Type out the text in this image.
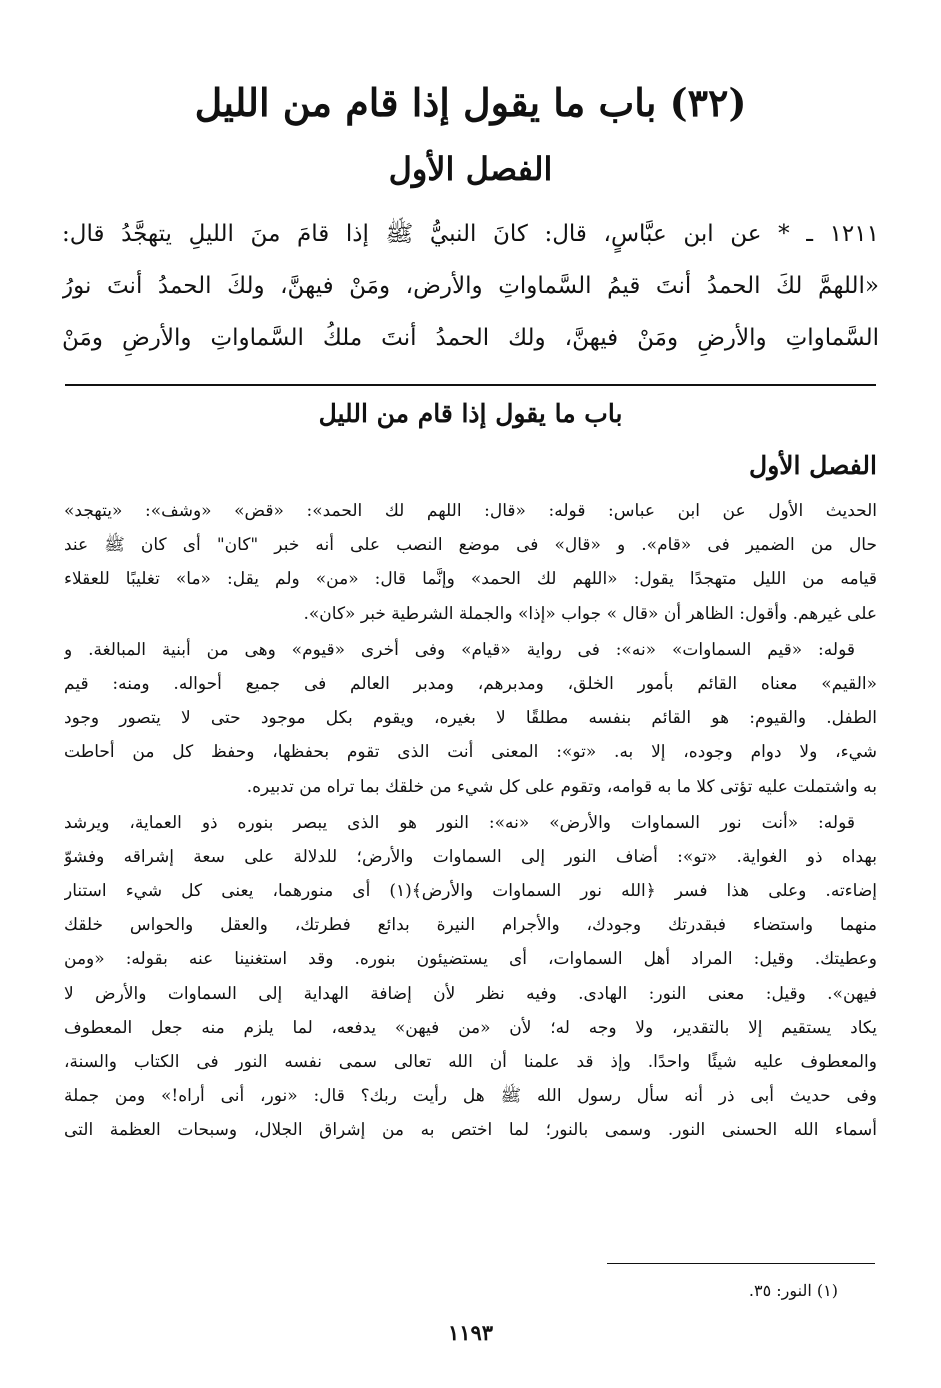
(٣٢) باب ما يقول إذا قام من الليل
الفصل الأول
١٢١١ ـ * عن ابن عبَّاسٍ، قال: كانَ النبيُّ ﷺ إذا قامَ منَ الليلِ يتهجَّدُ قال:
«اللهمَّ لكَ الحمدُ أنتَ قيمُ السَّماواتِ والأرض، ومَنْ فيهنَّ، ولكَ الحمدُ أنتَ نورُ
السَّماواتِ والأرضِ ومَنْ فيهنَّ، ولك الحمدُ أنتَ ملكُ السَّماواتِ والأرضِ ومَنْ
باب ما يقول إذا قام من الليل
الفصل الأول
الحديث الأول عن ابن عباس: قوله: «قال: اللهم لك الحمد»: «قض» «وشف»: «يتهجد»
حال من الضمير فى «قام». و «قال» فى موضع النصب على أنه خبر "كان" أى كان ﷺ عند
قيامه من الليل متهجدًا يقول: «اللهم لك الحمد» وإنَّما قال: «من» ولم يقل: «ما» تغليبًا للعقلاء
على غيرهم. وأقول: الظاهر أن «قال » جواب «إذا» والجملة الشرطية خبر «كان».
قوله: «قيم السماوات» «نه»: فى رواية «قيام» وفى أخرى «قيوم» وهى من أبنية المبالغة. و
«القيم» معناه القائم بأمور الخلق، ومدبرهم، ومدبر العالم فى جميع أحواله. ومنه: قيم
الطفل. والقيوم: هو القائم بنفسه مطلقًا لا بغيره، ويقوم بكل موجود حتى لا يتصور وجود
شيء، ولا دوام وجوده، إلا به. «تو»: المعنى أنت الذى تقوم بحفظها، وحفظ كل من أحاطت
به واشتملت عليه تؤتى كلا ما به قوامه، وتقوم على كل شيء من خلقك بما تراه من تدبيره.
قوله: «أنت نور السماوات والأرض» «نه»: النور هو الذى يبصر بنوره ذو العماية، ويرشد
بهداه ذو الغواية. «تو»: أضاف النور إلى السماوات والأرض؛ للدلالة على سعة إشراقه وفشوّ
إضاءته. وعلى هذا فسر ﴿الله نور السماوات والأرض﴾(١) أى منورهما، يعنى كل شيء استنار
منهما واستضاء فبقدرتك وجودك، والأجرام النيرة بدائع فطرتك، والعقل والحواس خلقك
وعطيتك. وقيل: المراد أهل السماوات، أى يستضيئون بنوره. وقد استغنينا عنه بقوله: «ومن
فيهن». وقيل: معنى النور: الهادى. وفيه نظر لأن إضافة الهداية إلى السماوات والأرض لا
يكاد يستقيم إلا بالتقدير، ولا وجه له؛ لأن «من فيهن» يدفعه، لما يلزم منه جعل المعطوف
والمعطوف عليه شيئًا واحدًا. وإذ قد علمنا أن الله تعالى سمى نفسه النور فى الكتاب والسنة،
وفى حديث أبى ذر أنه سأل رسول الله ﷺ هل رأيت ربك؟ قال: «نور، أنى أراه!» ومن جملة
أسماء الله الحسنى النور. وسمى بالنور؛ لما اختص به من إشراق الجلال، وسبحات العظمة التى
(١) النور: ٣٥.
١١٩٣
